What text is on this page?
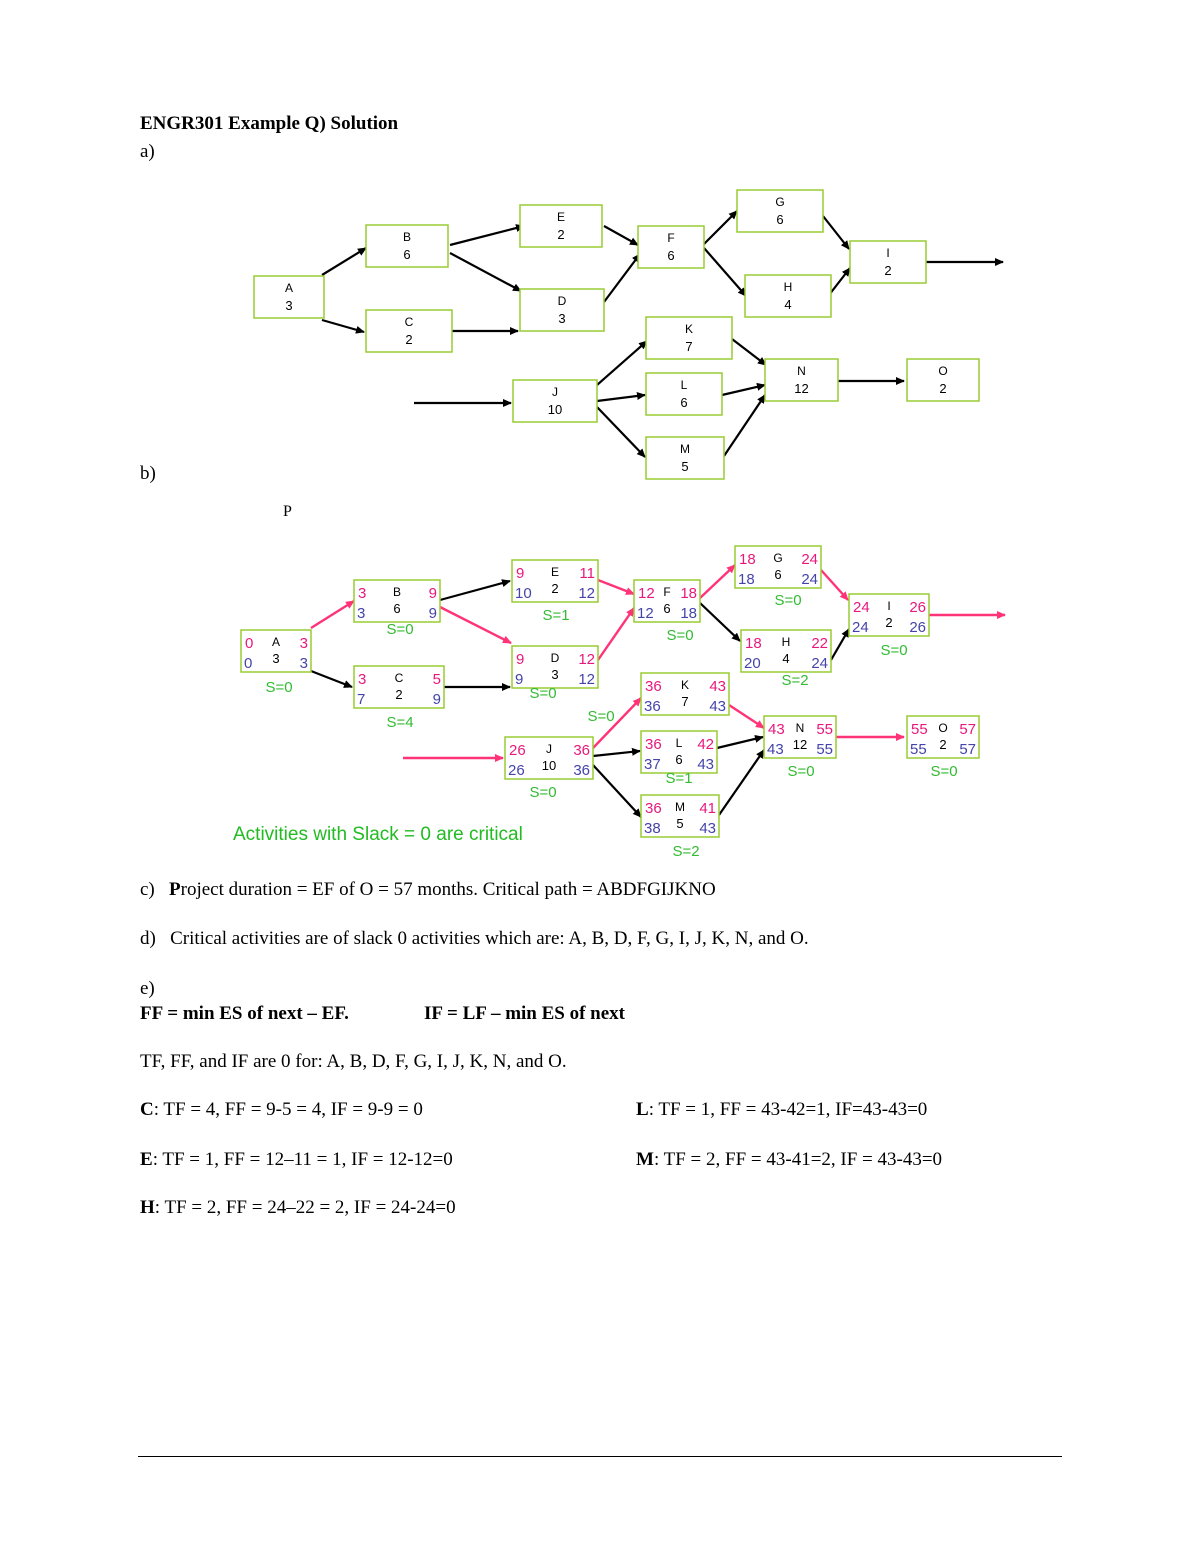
ENGR301 Example Q) Solution
a)
b)
P
A
3
B
6
C
2
E
2
D
3
F
6
G
6
H
4
I
2
J
10
K
7
L
6
M
5
N
12
O
2
A
3
0	3
0	3
S=0
B
6
3	9
3	9
S=0
C
2
3	5
7	9
S=4
E
2
9	11
10	12
S=1
D
3
9	12
9	12
S=0
F
6
12 18
12 18
S=0
G
6
18	24
18	24
S=0
H
4
18	22
20	24
S=2
I
2
24	26
24	26
S=0
J
10
26	36
26	36
S=0
K
7
36	43
36	43
S=0
L
6
36 42
37 43
S=1
M
5
36	41
38	43
S=2
N
12
43 55
43 55
S=0
O
2
55 57
55 57
S=0
Activities with Slack = 0 are critical
c) Project duration = EF of O = 57 months. Critical path = ABDFGIJKNO
d) Critical activities are of slack 0 activities which are: A, B, D, F, G, I, J, K, N, and O.
e)
FF = min ES of next – EF.	IF = LF – min ES of next
TF, FF, and IF are 0 for: A, B, D, F, G, I, J, K, N, and O.
C: TF = 4, FF = 9-5 = 4, IF = 9-9 = 0	L: TF = 1, FF = 43-42=1, IF=43-43=0
E: TF = 1, FF = 12–11 = 1, IF = 12-12=0	M: TF = 2, FF = 43-41=2, IF = 43-43=0
H: TF = 2, FF = 24–22 = 2, IF = 24-24=0
